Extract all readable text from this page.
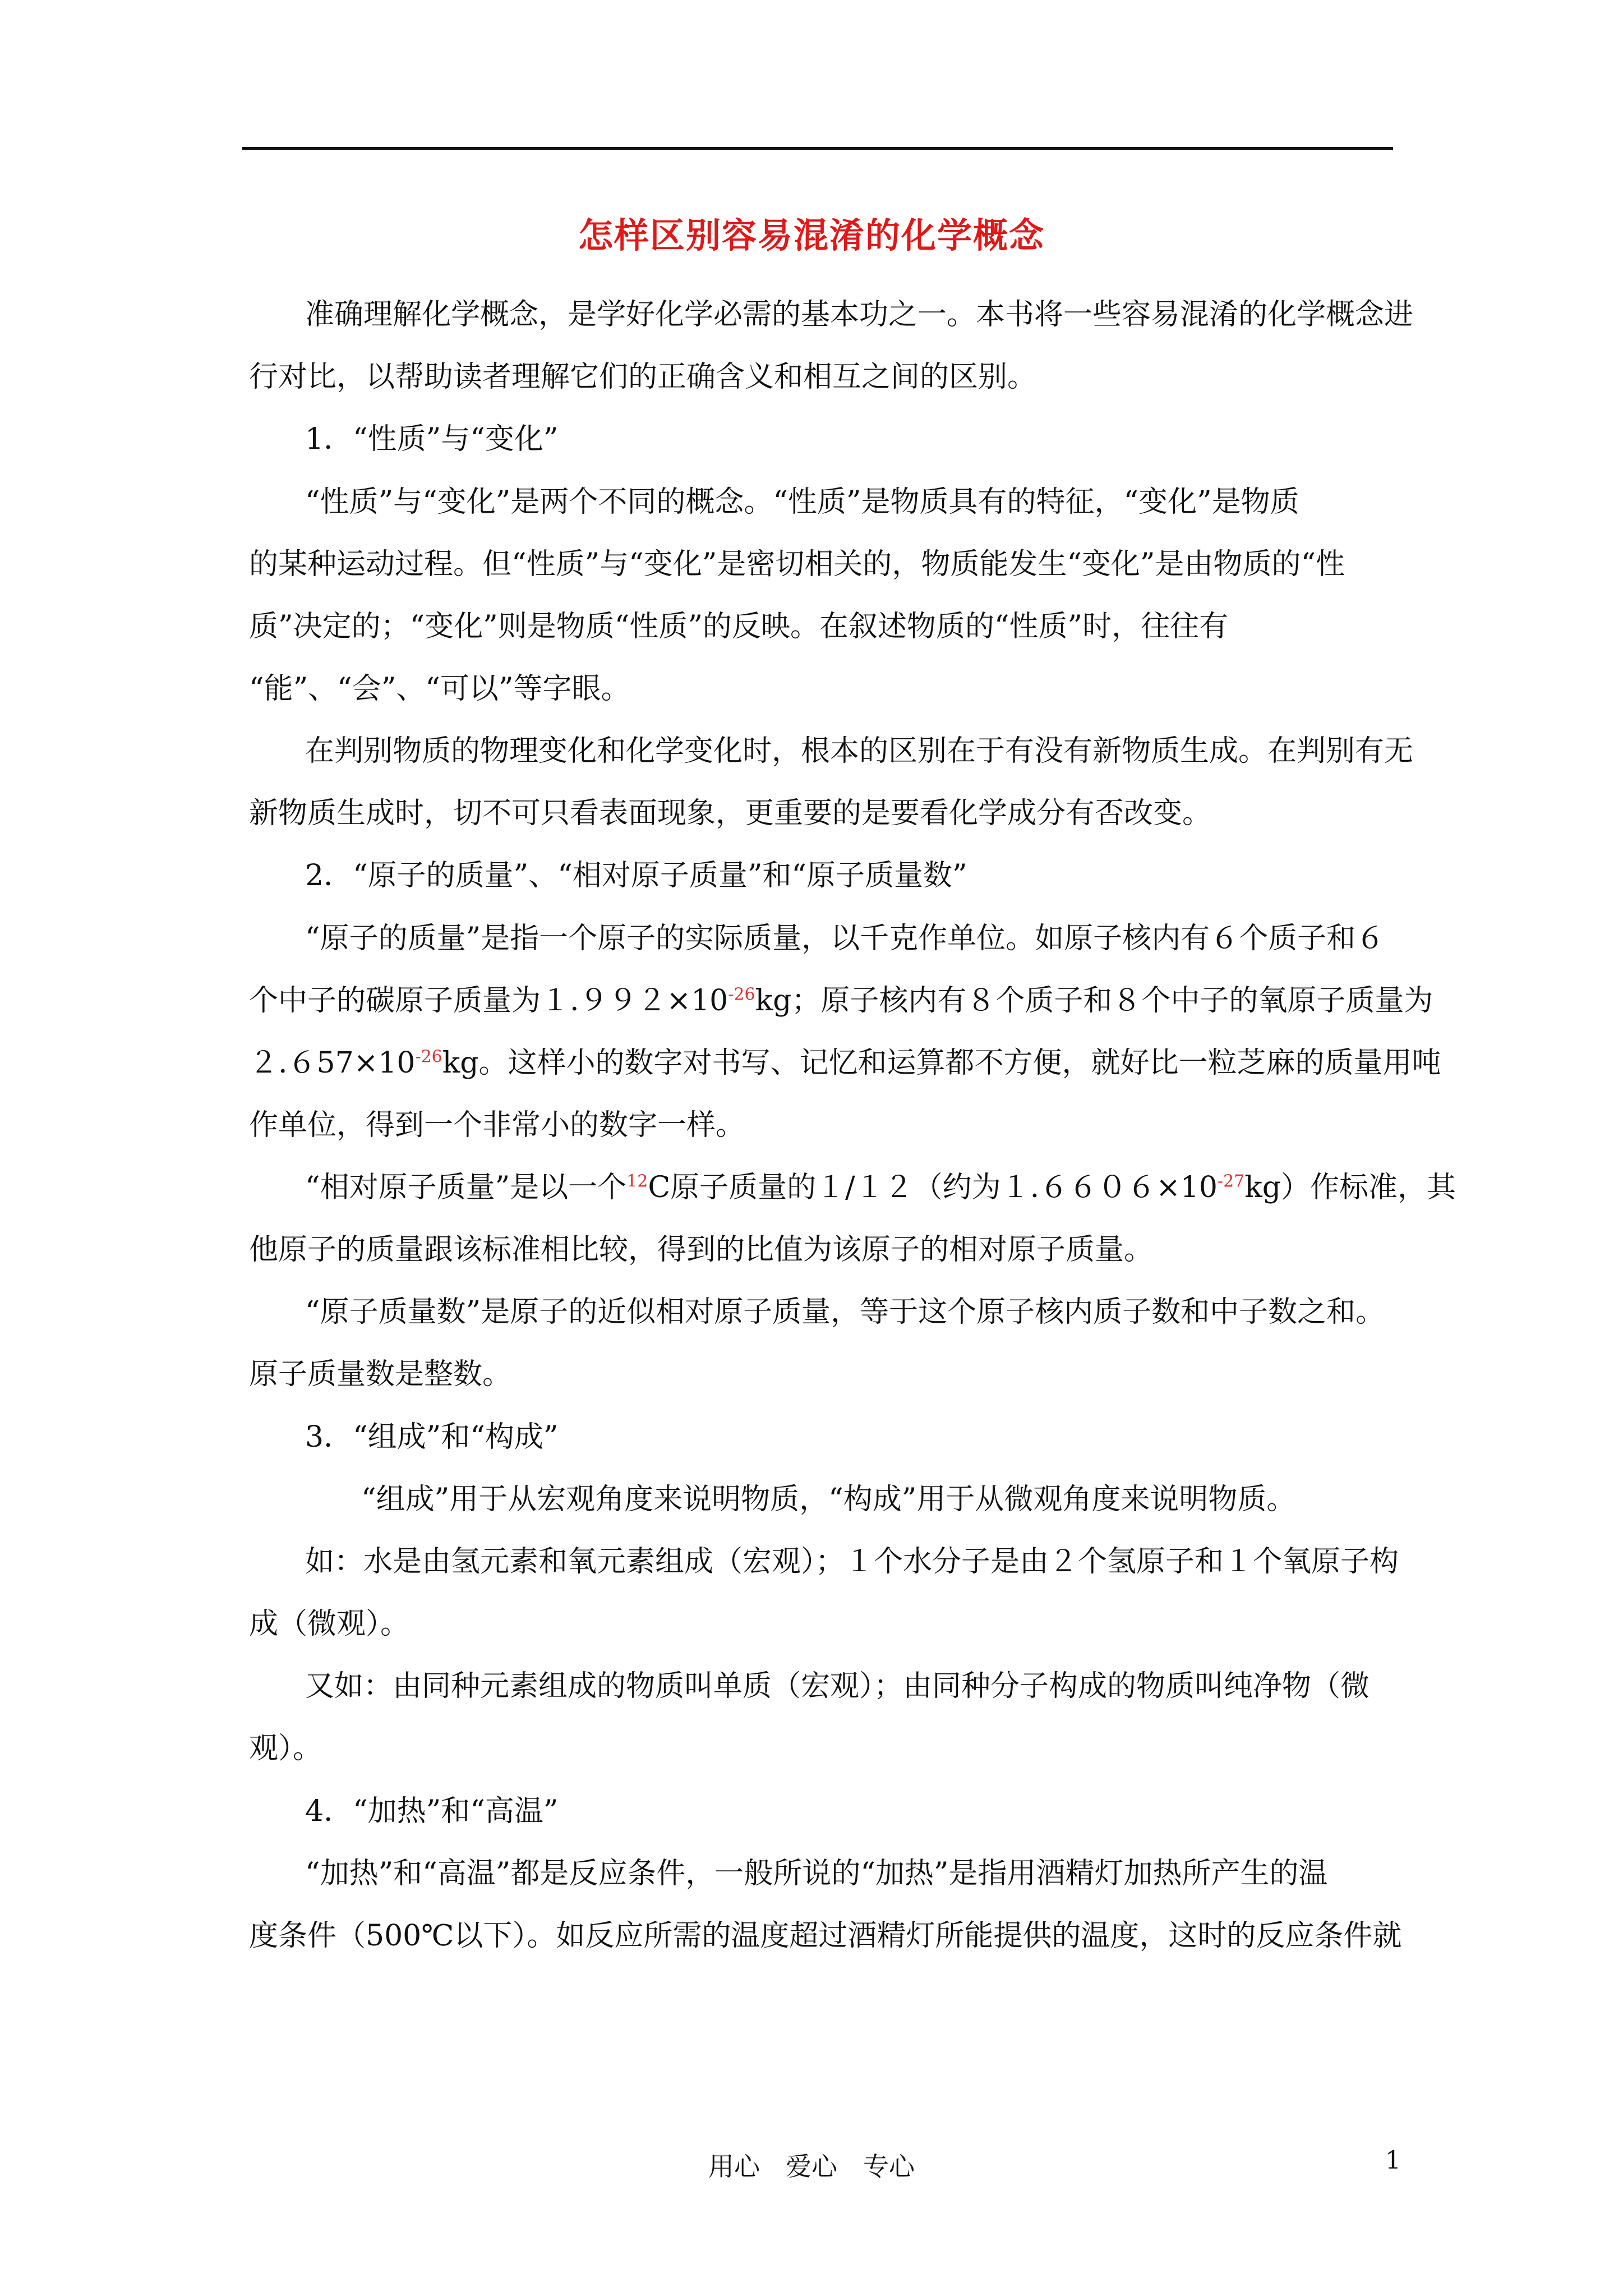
怎样区别容易混淆的化学概念
准确理解化学概念，是学好化学必需的基本功之一。本书将一些容易混淆的化学概念进
行对比，以帮助读者理解它们的正确含义和相互之间的区别。
1．“性质”与“变化”
“性质”与“变化”是两个不同的概念。“性质”是物质具有的特征，“变化”是物质
的某种运动过程。但“性质”与“变化”是密切相关的，物质能发生“变化”是由物质的“性
质”决定的；“变化”则是物质“性质”的反映。在叙述物质的“性质”时，往往有
“能”、“会”、“可以”等字眼。
在判别物质的物理变化和化学变化时，根本的区别在于有没有新物质生成。在判别有无
新物质生成时，切不可只看表面现象，更重要的是要看化学成分有否改变。
2．“原子的质量”、“相对原子质量”和“原子质量数”
“原子的质量”是指一个原子的实际质量，以千克作单位。如原子核内有６个质子和６
个中子的碳原子质量为$1.992\times 10^{-26}kg$；原子核内有８个质子和８个中子的氧原子质量为
$2.657\times 10^{-26}kg$。这样小的数字对书写、记忆和运算都不方便，就好比一粒芝麻的质量用吨
作单位，得到一个非常小的数字一样。
“相对原子质量”是以一个$^{12}$C原子质量的１/１２（约为$1.6606\times 10^{-27}kg$）作标准，其
他原子的质量跟该标准相比较，得到的比值为该原子的相对原子质量。
“原子质量数”是原子的近似相对原子质量，等于这个原子核内质子数和中子数之和。
原子质量数是整数。
3．“组成”和“构成”
“组成”用于从宏观角度来说明物质，“构成”用于从微观角度来说明物质。
如：水是由氢元素和氧元素组成（宏观）；１个水分子是由２个氢原子和１个氧原子构
成（微观）。
又如：由同种元素组成的物质叫单质（宏观）；由同种分子构成的物质叫纯净物（微
观）。
4．“加热”和“高温”
“加热”和“高温”都是反应条件，一般所说的“加热”是指用酒精灯加热所产生的温
度条件（500℃以下）。如反应所需的温度超过酒精灯所能提供的温度，这时的反应条件就
用心　爱心　专心	1
